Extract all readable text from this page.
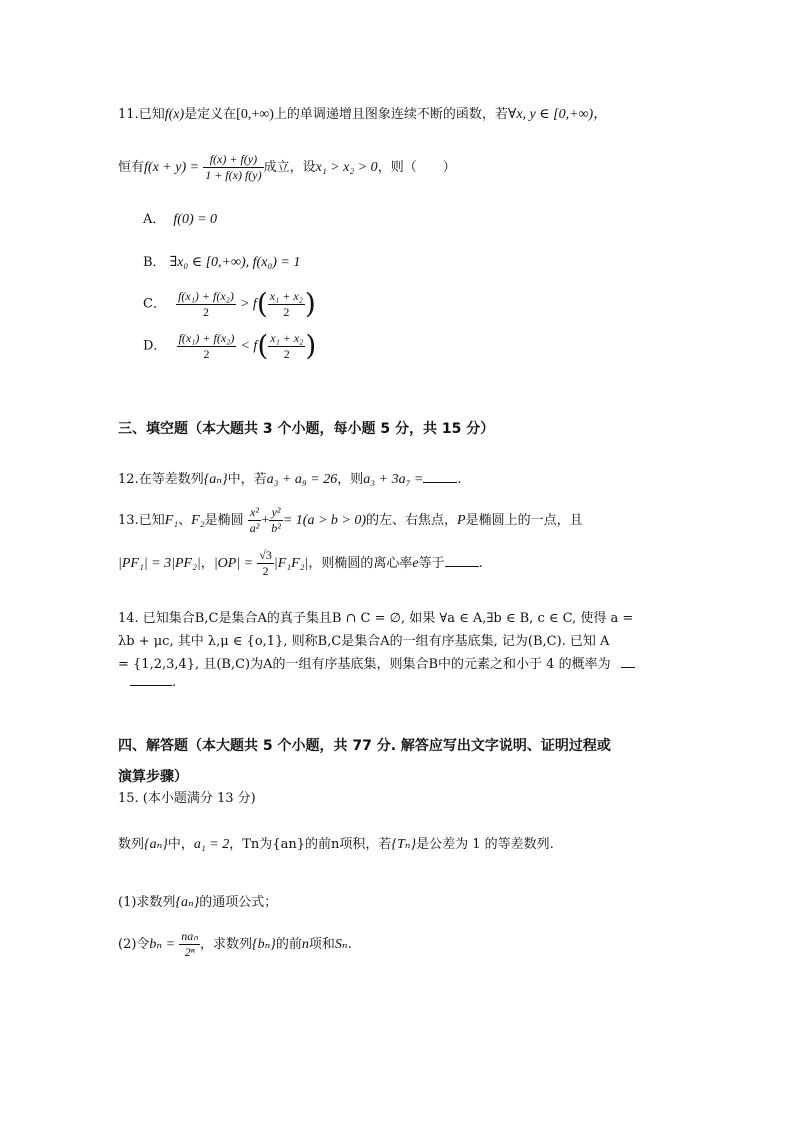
11.已知f(x)是定义在[0,+∞)上的单调递增且图象连续不断的函数，若∀x, y ∈ [0,+∞)，
恒有$f(x + y) = \frac{f(x) + f(y)}{1 + f(x) f(y)}$ 成立，设x₁ > x₂ > 0，则（　　）
A． f(0) = 0
B． ∃x₀ ∈ [0,+∞), f(x₀) = 1
C． $\frac{\text{f(x₁) + f(x₂)}}{2} > f( \frac{\text{x₁ + x₂}}{2}$ )
D． $\frac{\text{f(x₁) + f(x₂)}}{2} < f( \frac{\text{x₁ + x₂}}{2}$ )
三、填空题（本大题共 3 个小题，每小题 5 分，共 15 分）
12.在等差数列{aₙ}中，若a₃ + a₉ = 26，则a₃ + 3a₇ =	.
13.已知F₁、F₂是椭圆 $\frac{\text{x²}}{\text{a²}} + \frac{\text{y²}}{\text{b²}} = 1(a > b > 0)$的左、右焦点，P是椭圆上的一点，且
|PF₁| = 3|PF₂|，$|OP| = \frac{√3}{2} |F_1F_2|$，则椭圆的离心率e等于	.
14. 已知集合B,C是集合A的真子集且B ∩ C = ∅, 如果 ∀a ∈ A,∃b ∈ B, c ∈ C, 使得 a =
λb + μc, 其中 λ,μ ∈ {o,1}, 则称B,C是集合A的一组有序基底集, 记为(B,C). 已知 A
= {1,2,3,4}, 且(B,C)为A的一组有序基底集，则集合B中的元素之和小于 4 的概率为
.
四、解答题（本大题共 5 个小题，共 77 分. 解答应写出文字说明、证明过程或
演算步骤）
15. (本小题满分 13 分)
数列{aₙ}中，a₁ = 2，Tn为{an}的前n项积，若{Tₙ}是公差为 1 的等差数列.
(1)求数列{aₙ}的通项公式；
(2)令$b_n = \frac{\text{naₙ}}{\text{2ⁿ}}$ ，求数列{bₙ}的前n项和Sₙ.
